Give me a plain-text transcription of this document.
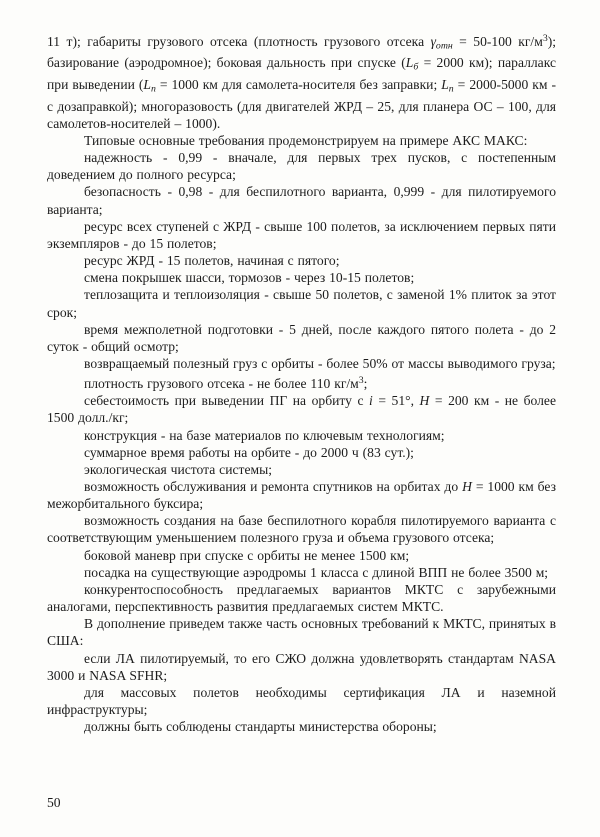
11 т); габариты грузового отсека (плотность грузового отсека $\gamma_{отн} = 50-100$ $кг/м^3$); базирование (аэродромное); боковая дальность при спуске ($L_б = 2000$ км); параллакс при выведении ($L_п = 1000$ км для самолета-носителя без заправки; $L_п = 2000-5000$ км - с дозаправкой); многоразовость (для двигателей ЖРД – 25, для планера ОС – 100, для самолетов-носителей – 1000).

Типовые основные требования продемонстрируем на примере АКС МАКС:

надежность - 0,99 - вначале, для первых трех пусков, с постепенным доведением до полного ресурса;

безопасность - 0,98 - для беспилотного варианта, 0,999 - для пилотируемого варианта;

ресурс всех ступеней с ЖРД - свыше 100 полетов, за исключением первых пяти экземпляров - до 15 полетов;

ресурс ЖРД - 15 полетов, начиная с пятого;

смена покрышек шасси, тормозов - через 10-15 полетов;

теплозащита и теплоизоляция - свыше 50 полетов, с заменой 1% плиток за этот срок;

время межполетной подготовки - 5 дней, после каждого пятого полета - до 2 суток - общий осмотр;

возвращаемый полезный груз с орбиты - более 50% от массы выводимого груза;

плотность грузового отсека - не более 110 $кг/м^3$;

себестоимость при выведении ПГ на орбиту с i = 51°, H = 200 км - не более 1500 долл./кг;

конструкция - на базе материалов по ключевым технологиям;

суммарное время работы на орбите - до 2000 ч (83 сут.);

экологическая чистота системы;

возможность обслуживания и ремонта спутников на орбитах до H = 1000 км без межорбитального буксира;

возможность создания на базе беспилотного корабля пилотируемого варианта с соответствующим уменьшением полезного груза и объема грузового отсека;

боковой маневр при спуске с орбиты не менее 1500 км;

посадка на существующие аэродромы 1 класса с длиной ВПП не более 3500 м;

конкурентоспособность предлагаемых вариантов МКТС с зарубежными аналогами, перспективность развития предлагаемых систем МКТС.

В дополнение приведем также часть основных требований к МКТС, принятых в США:

если ЛА пилотируемый, то его СЖО должна удовлетворять стандартам NASA 3000 и NASA SFHR;

для массовых полетов необходимы сертификация ЛА и наземной инфраструктуры;

должны быть соблюдены стандарты министерства обороны;

50
